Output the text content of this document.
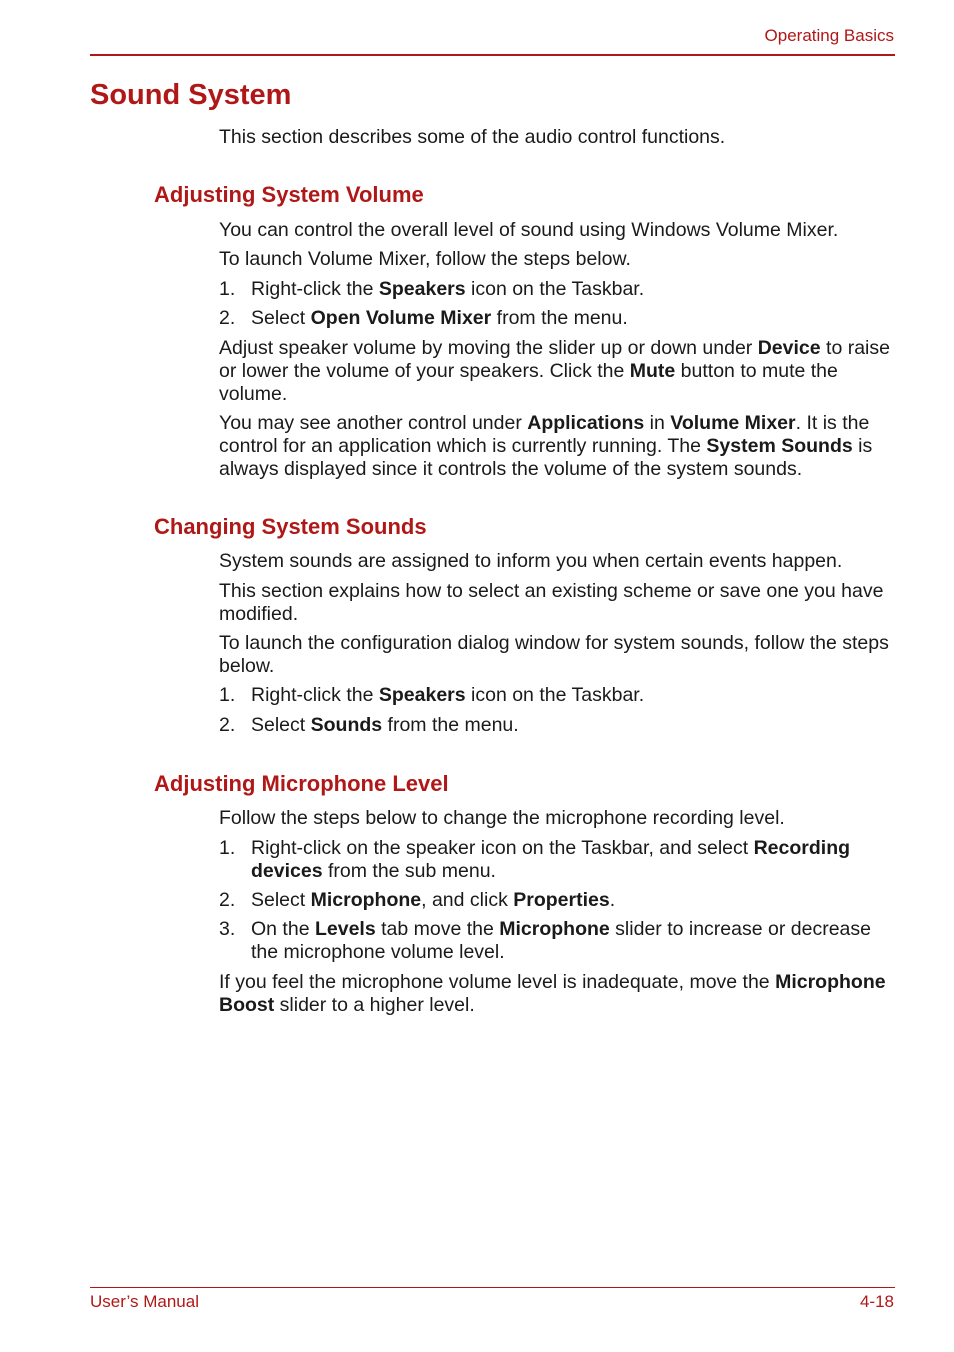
Operating Basics
Sound System

This section describes some of the audio control functions.

Adjusting System Volume

You can control the overall level of sound using Windows Volume Mixer.

To launch Volume Mixer, follow the steps below.

1. Right-click the Speakers icon on the Taskbar.
2. Select Open Volume Mixer from the menu.

Adjust speaker volume by moving the slider up or down under Device to raise or lower the volume of your speakers. Click the Mute button to mute the volume.

You may see another control under Applications in Volume Mixer. It is the control for an application which is currently running. The System Sounds is always displayed since it controls the volume of the system sounds.

Changing System Sounds

System sounds are assigned to inform you when certain events happen.

This section explains how to select an existing scheme or save one you have modified.

To launch the configuration dialog window for system sounds, follow the steps below.

1. Right-click the Speakers icon on the Taskbar.
2. Select Sounds from the menu.
Adjusting Microphone Level

Follow the steps below to change the microphone recording level.

1. Right-click on the speaker icon on the Taskbar, and select Recording devices from the sub menu.
2. Select Microphone, and click Properties.
3. On the Levels tab move the Microphone slider to increase or decrease the microphone volume level.

If you feel the microphone volume level is inadequate, move the Microphone Boost slider to a higher level.

User’s Manual	4-18
